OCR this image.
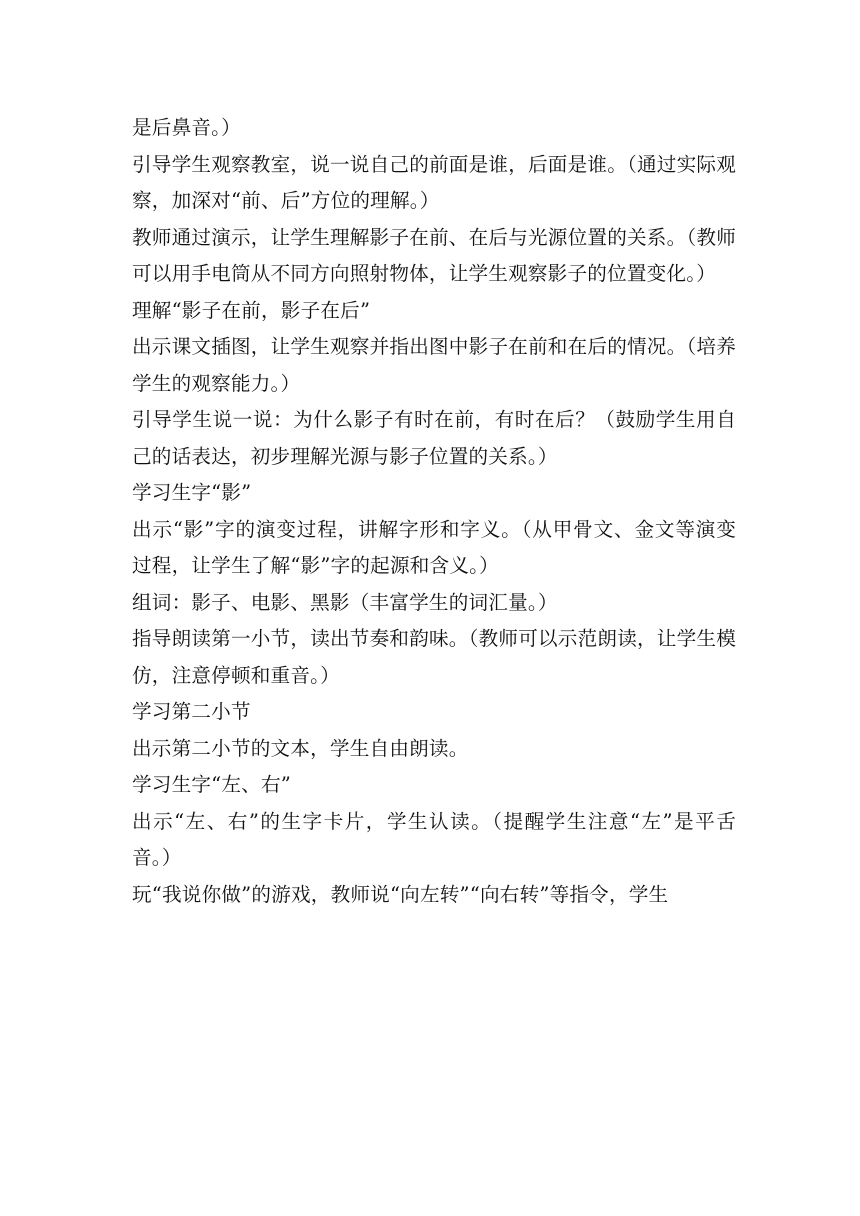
是后鼻音。）

引导学生观察教室，说一说自己的前面是谁，后面是谁。（通过实际观察，加深对“前、后”方位的理解。）

教师通过演示，让学生理解影子在前、在后与光源位置的关系。（教师可以用手电筒从不同方向照射物体，让学生观察影子的位置变化。）

理解“影子在前，影子在后”

出示课文插图，让学生观察并指出图中影子在前和在后的情况。（培养学生的观察能力。）

引导学生说一说：为什么影子有时在前，有时在后？（鼓励学生用自己的话表达，初步理解光源与影子位置的关系。）

学习生字“影”

出示“影”字的演变过程，讲解字形和字义。（从甲骨文、金文等演变过程，让学生了解“影”字的起源和含义。）

组词：影子、电影、黑影（丰富学生的词汇量。）

指导朗读第一小节，读出节奏和韵味。（教师可以示范朗读，让学生模仿，注意停顿和重音。）

学习第二小节

出示第二小节的文本，学生自由朗读。

学习生字“左、右”

出示“左、右”的生字卡片，学生认读。（提醒学生注意“左”是平舌音。）

玩“我说你做”的游戏，教师说“向左转”“向右转”等指令，学生
